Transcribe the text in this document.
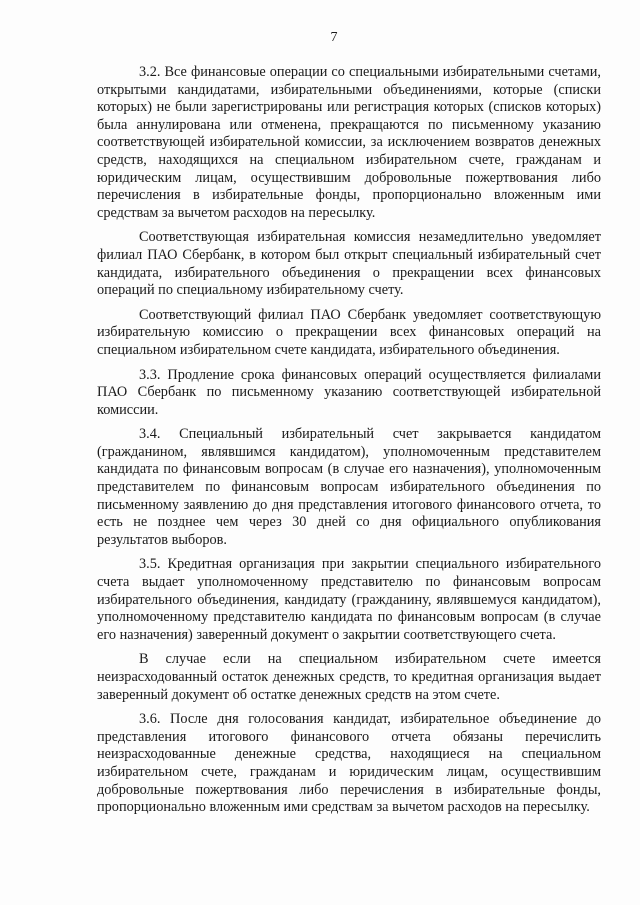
7

3.2. Все финансовые операции со специальными избирательными счетами, открытыми кандидатами, избирательными объединениями, которые (списки которых) не были зарегистрированы или регистрация которых (списков которых) была аннулирована или отменена, прекращаются по письменному указанию соответствующей избирательной комиссии, за исключением возвратов денежных средств, находящихся на специальном избирательном счете, гражданам и юридическим лицам, осуществившим добровольные пожертвования либо перечисления в избирательные фонды, пропорционально вложенным ими средствам за вычетом расходов на пересылку.

Соответствующая избирательная комиссия незамедлительно уведомляет филиал ПАО Сбербанк, в котором был открыт специальный избирательный счет кандидата, избирательного объединения о прекращении всех финансовых операций по специальному избирательному счету.

Соответствующий филиал ПАО Сбербанк уведомляет соответствующую избирательную комиссию о прекращении всех финансовых операций на специальном избирательном счете кандидата, избирательного объединения.

3.3. Продление срока финансовых операций осуществляется филиалами ПАО Сбербанк по письменному указанию соответствующей избирательной комиссии.

3.4. Специальный избирательный счет закрывается кандидатом (гражданином, являвшимся кандидатом), уполномоченным представителем кандидата по финансовым вопросам (в случае его назначения), уполномоченным представителем по финансовым вопросам избирательного объединения по письменному заявлению до дня представления итогового финансового отчета, то есть не позднее чем через 30 дней со дня официального опубликования результатов выборов.

3.5. Кредитная организация при закрытии специального избирательного счета выдает уполномоченному представителю по финансовым вопросам избирательного объединения, кандидату (гражданину, являвшемуся кандидатом), уполномоченному представителю кандидата по финансовым вопросам (в случае его назначения) заверенный документ о закрытии соответствующего счета.

В случае если на специальном избирательном счете имеется неизрасходованный остаток денежных средств, то кредитная организация выдает заверенный документ об остатке денежных средств на этом счете.

3.6. После дня голосования кандидат, избирательное объединение до представления итогового финансового отчета обязаны перечислить неизрасходованные денежные средства, находящиеся на специальном избирательном счете, гражданам и юридическим лицам, осуществившим добровольные пожертвования либо перечисления в избирательные фонды, пропорционально вложенным ими средствам за вычетом расходов на пересылку.
